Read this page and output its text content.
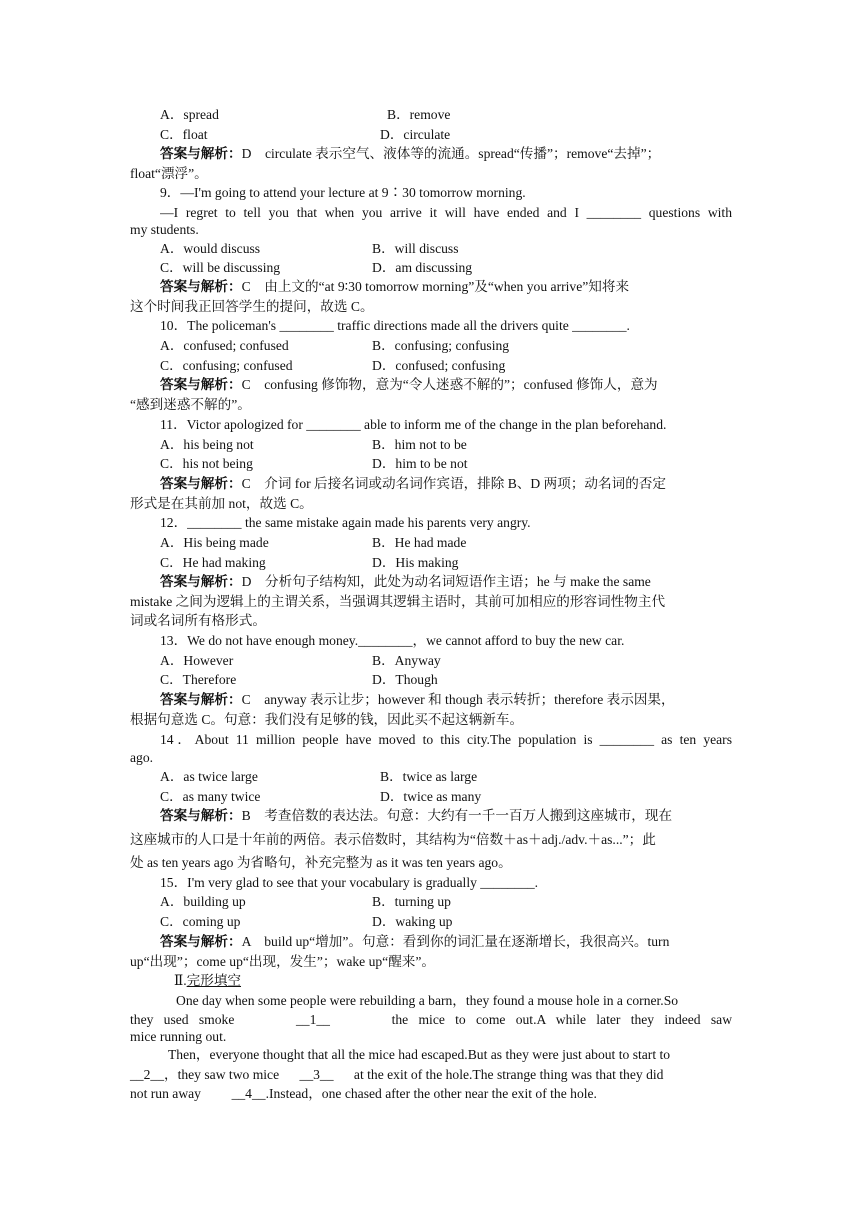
A．spread	B．remove
C．float	D．circulate
答案与解析：D　circulate 表示空气、液体等的流通。spread“传播”；remove“去掉”；
float“漂浮”。
9．—I'm going to attend your lecture at 9∶30 tomorrow morning.
—I regret to tell you that when you arrive it will have ended and I ________ questions with
my students.
A．would discuss	B．will discuss
C．will be discussing	D．am discussing
答案与解析：C　由上文的“at 9∶30 tomorrow morning”及“when you arrive”知将来
这个时间我正回答学生的提问，故选 C。
10．The policeman's ________ traffic directions made all the drivers quite ________.
A．confused; confused	B．confusing; confusing
C．confusing; confused	D．confused; confusing
答案与解析：C　confusing 修饰物，意为“令人迷惑不解的”；confused 修饰人，意为
“感到迷惑不解的”。
11．Victor apologized for ________ able to inform me of the change in the plan beforehand.
A．his being not	B．him not to be
C．his not being	D．him to be not
答案与解析：C　介词 for 后接名词或动名词作宾语，排除 B、D 两项；动名词的否定
形式是在其前加 not，故选 C。
12．________ the same mistake again made his parents very angry.
A．His being made	B．He had made
C．He had making	D．His making
答案与解析：D　分析句子结构知，此处为动名词短语作主语；he 与 make the same
mistake 之间为逻辑上的主谓关系，当强调其逻辑主语时，其前可加相应的形容词性物主代
词或名词所有格形式。
13．We do not have enough money.________，we cannot afford to buy the new car.
A．However	B．Anyway
C．Therefore	D．Though
答案与解析：C　anyway 表示让步；however 和 though 表示转折；therefore 表示因果，
根据句意选 C。句意：我们没有足够的钱，因此买不起这辆新车。
14．About 11 million people have moved to this city.The population is ________ as ten years
ago.
A．as twice large	B．twice as large
C．as many twice	D．twice as many
答案与解析：B　考查倍数的表达法。句意：大约有一千一百万人搬到这座城市，现在
这座城市的人口是十年前的两倍。表示倍数时，其结构为“倍数＋as＋adj./adv.＋as...”；此
处 as ten years ago 为省略句，补充完整为 as it was ten years ago。
15．I'm very glad to see that your vocabulary is gradually ________.
A．building up	B．turning up
C．coming up	D．waking up
答案与解析：A　build up“增加”。句意：看到你的词汇量在逐渐增长，我很高兴。turn
up“出现”；come up“出现，发生”；wake up“醒来”。
Ⅱ.完形填空
One day when some people were rebuilding a barn，they found a mouse hole in a corner.So
they used smoke	__1__	the mice to come out.A while later they indeed saw
mice running out.
Then，everyone thought that all the mice had escaped.But as they were just about to start to
__2__，they saw two mice __3__ at the exit of the hole.The strange thing was that they did
not run away __4__.Instead，one chased after the other near the exit of the hole.
